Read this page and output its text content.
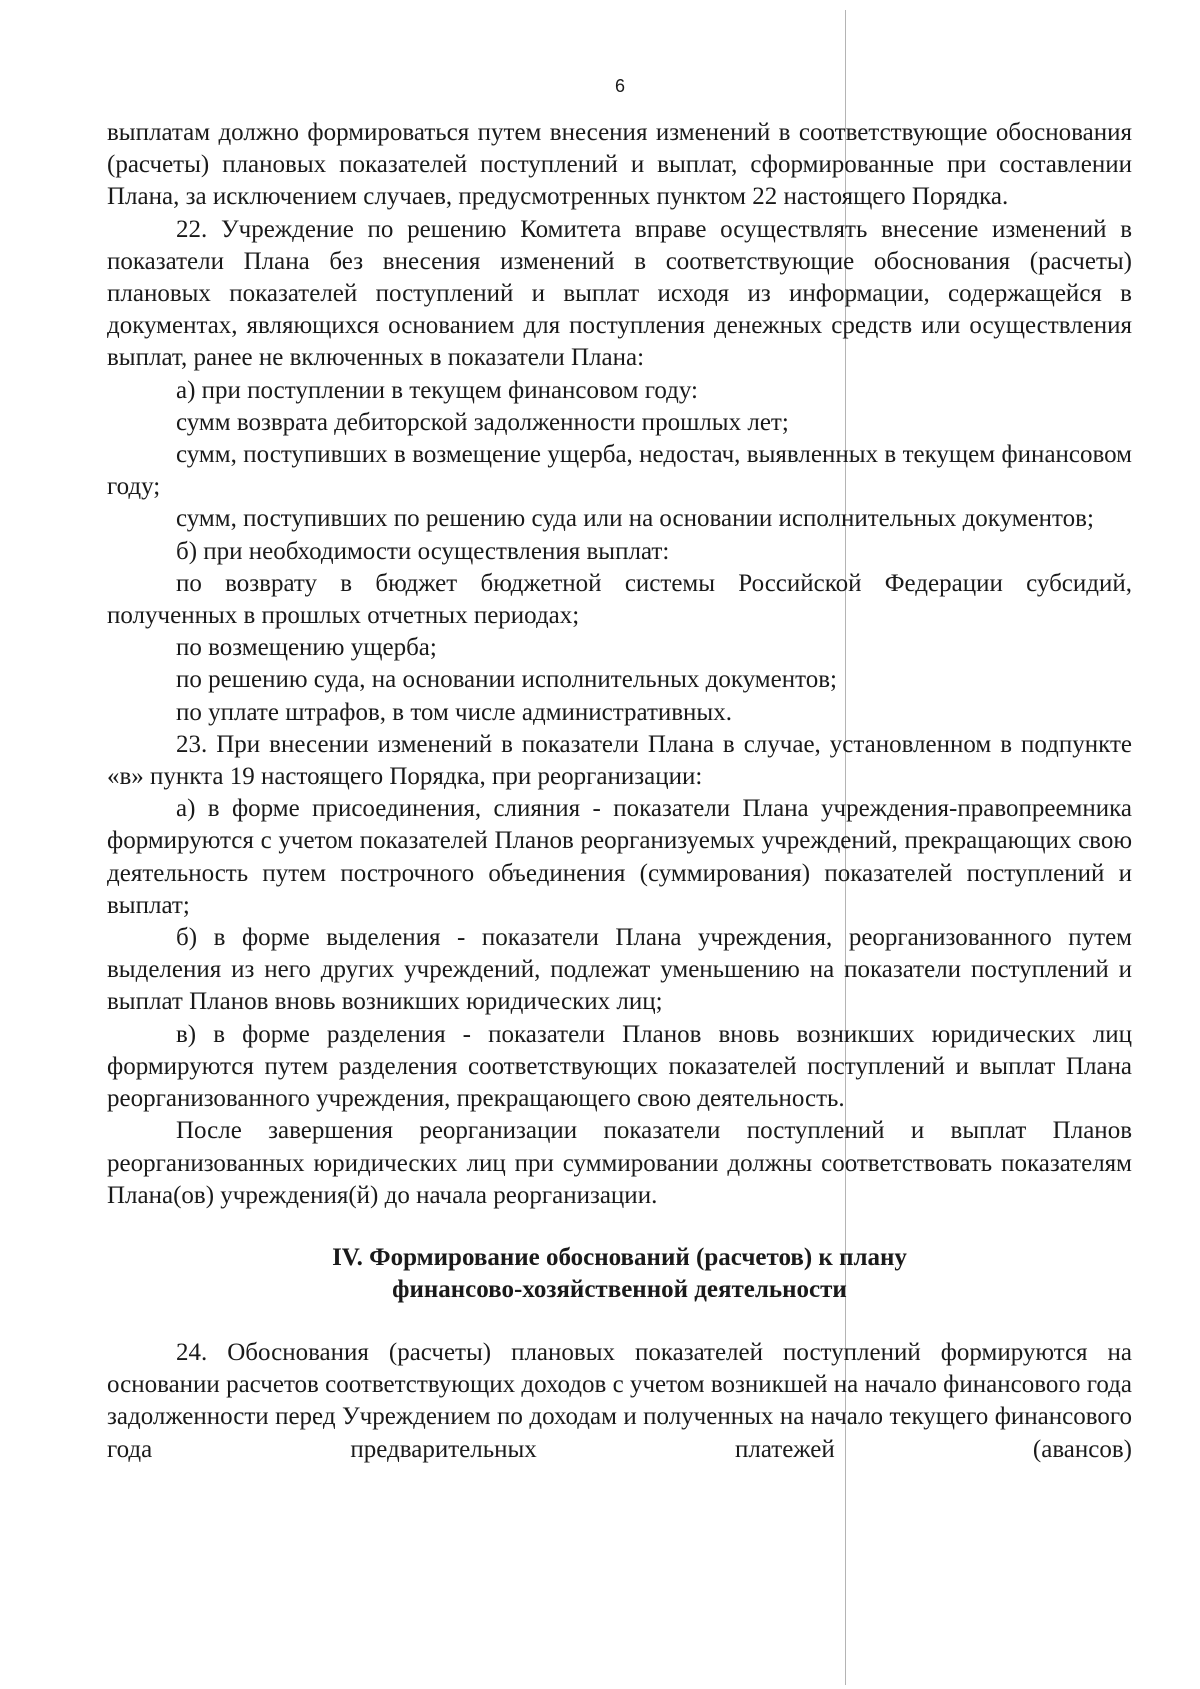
6

выплатам должно формироваться путем внесения изменений в соответствующие обоснования (расчеты) плановых показателей поступлений и выплат, сформированные при составлении Плана, за исключением случаев, предусмотренных пунктом 22 настоящего Порядка.

22. Учреждение по решению Комитета вправе осуществлять внесение изменений в показатели Плана без внесения изменений в соответствующие обоснования (расчеты) плановых показателей поступлений и выплат исходя из информации, содержащейся в документах, являющихся основанием для поступления денежных средств или осуществления выплат, ранее не включенных в показатели Плана:

а) при поступлении в текущем финансовом году:

сумм возврата дебиторской задолженности прошлых лет;

сумм, поступивших в возмещение ущерба, недостач, выявленных в текущем финансовом году;

сумм, поступивших по решению суда или на основании исполнительных документов;

б) при необходимости осуществления выплат:

по возврату в бюджет бюджетной системы Российской Федерации субсидий, полученных в прошлых отчетных периодах;

по возмещению ущерба;

по решению суда, на основании исполнительных документов;

по уплате штрафов, в том числе административных.

23. При внесении изменений в показатели Плана в случае, установленном в подпункте «в» пункта 19 настоящего Порядка, при реорганизации:

а) в форме присоединения, слияния - показатели Плана учреждения-правопреемника формируются с учетом показателей Планов реорганизуемых учреждений, прекращающих свою деятельность путем построчного объединения (суммирования) показателей поступлений и выплат;

б) в форме выделения - показатели Плана учреждения, реорганизованного путем выделения из него других учреждений, подлежат уменьшению на показатели поступлений и выплат Планов вновь возникших юридических лиц;

в) в форме разделения - показатели Планов вновь возникших юридических лиц формируются путем разделения соответствующих показателей поступлений и выплат Плана реорганизованного учреждения, прекращающего свою деятельность.

После завершения реорганизации показатели поступлений и выплат Планов реорганизованных юридических лиц при суммировании должны соответствовать показателям Плана(ов) учреждения(й) до начала реорганизации.

IV. Формирование обоснований (расчетов) к плану
финансово-хозяйственной деятельности

24. Обоснования (расчеты) плановых показателей поступлений формируются на основании расчетов соответствующих доходов с учетом возникшей на начало финансового года задолженности перед Учреждением по доходам и полученных на начало текущего финансового года предварительных платежей (авансов)
